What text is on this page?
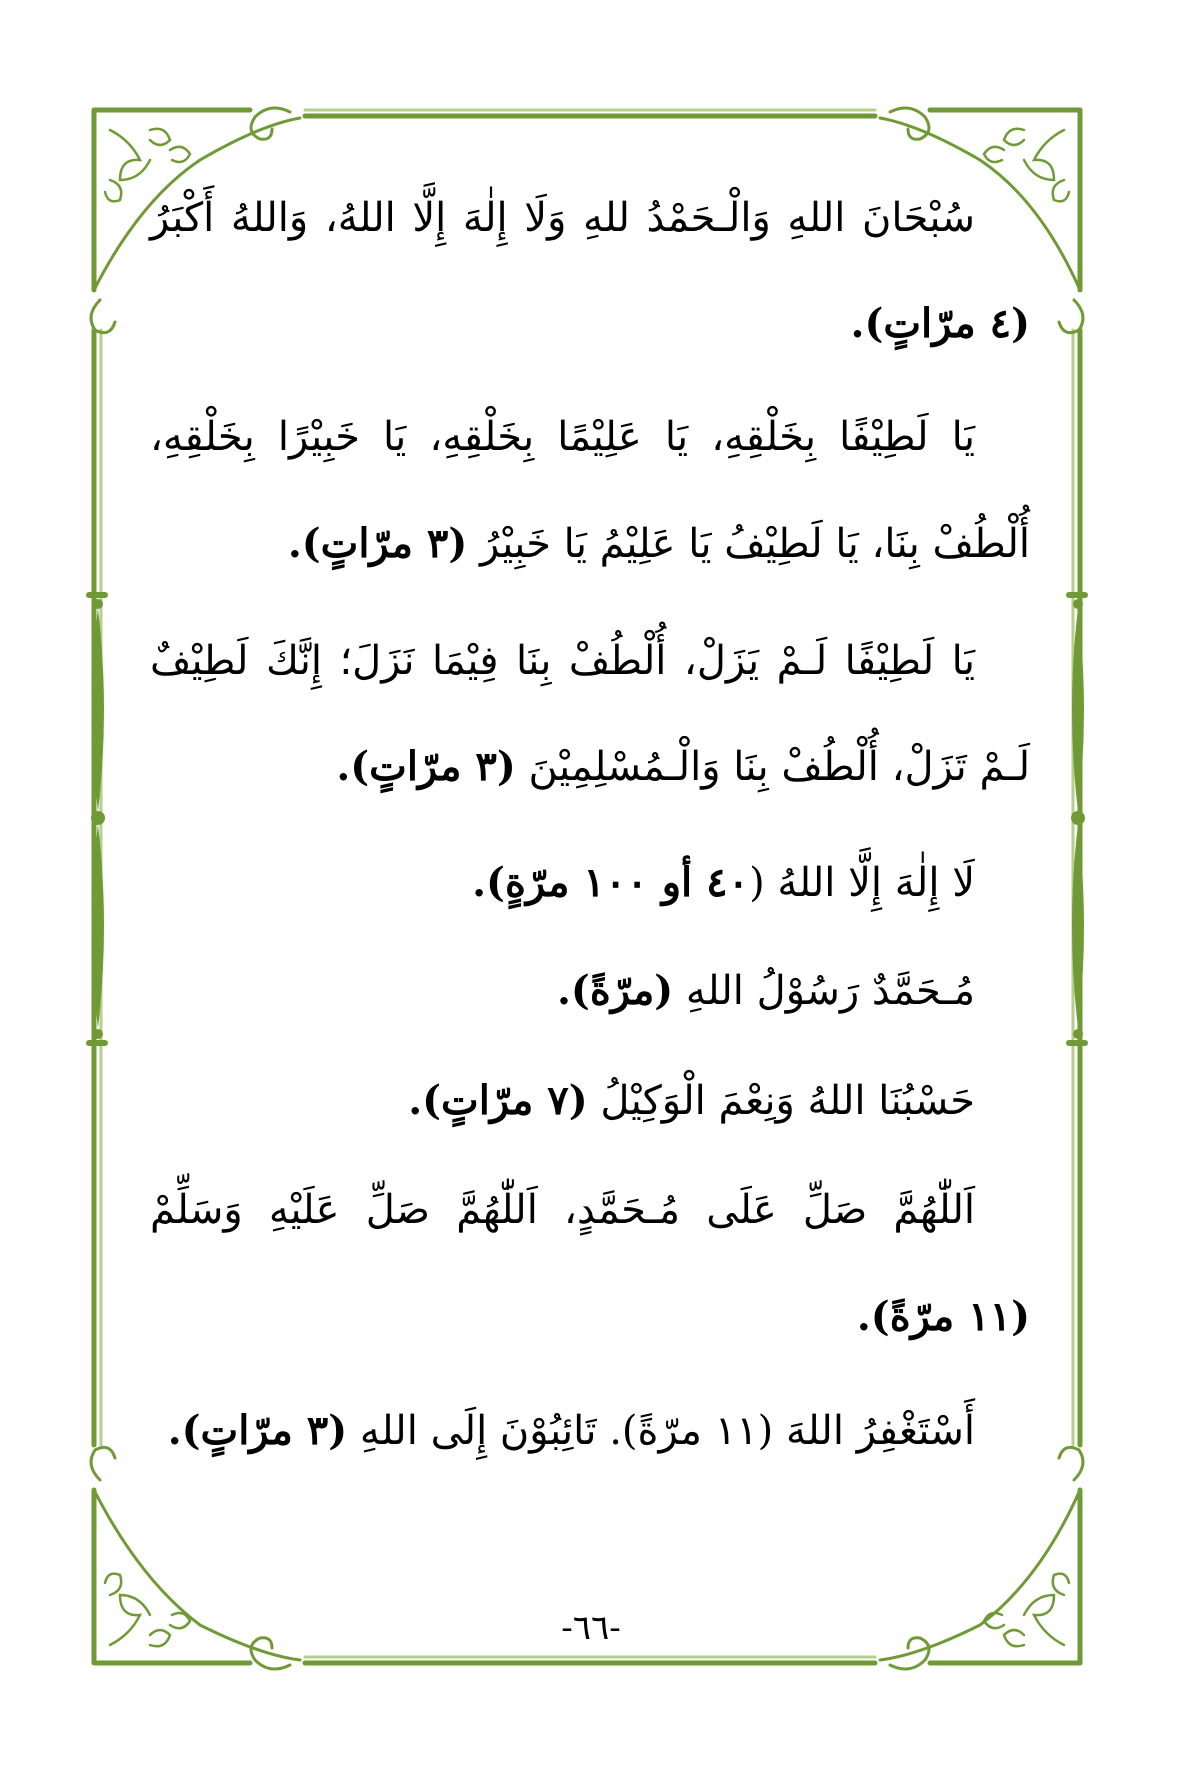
سُبْحَانَ اللهِ وَالْـحَمْدُ للهِ وَلَا إِلٰهَ إِلَّا اللهُ، وَاللهُ أَكْبَرُ
(٤ مرّاتٍ).
يَا لَطِيْفًا بِخَلْقِهِ، يَا عَلِيْمًا بِخَلْقِهِ، يَا خَبِيْرًا بِخَلْقِهِ،
أُلْطُفْ بِنَا، يَا لَطِيْفُ يَا عَلِيْمُ يَا خَبِيْرُ (٣ مرّاتٍ).
يَا لَطِيْفًا لَـمْ يَزَلْ، أُلْطُفْ بِنَا فِيْمَا نَزَلَ؛ إِنَّكَ لَطِيْفٌ
لَـمْ تَزَلْ، أُلْطُفْ بِنَا وَالْـمُسْلِمِيْنَ (٣ مرّاتٍ).
لَا إِلٰهَ إِلَّا اللهُ (٤٠ أو ١٠٠ مرّةٍ).
مُـحَمَّدٌ رَسُوْلُ اللهِ (مرّةً).
حَسْبُنَا اللهُ وَنِعْمَ الْوَكِيْلُ (٧ مرّاتٍ).
اَللّٰهُمَّ صَلِّ عَلَى مُـحَمَّدٍ، اَللّٰهُمَّ صَلِّ عَلَيْهِ وَسَلِّمْ
(١١ مرّةً).
أَسْتَغْفِرُ اللهَ (١١ مرّةً). تَائِبُوْنَ إِلَى اللهِ (٣ مرّاتٍ).
-٦٦-
